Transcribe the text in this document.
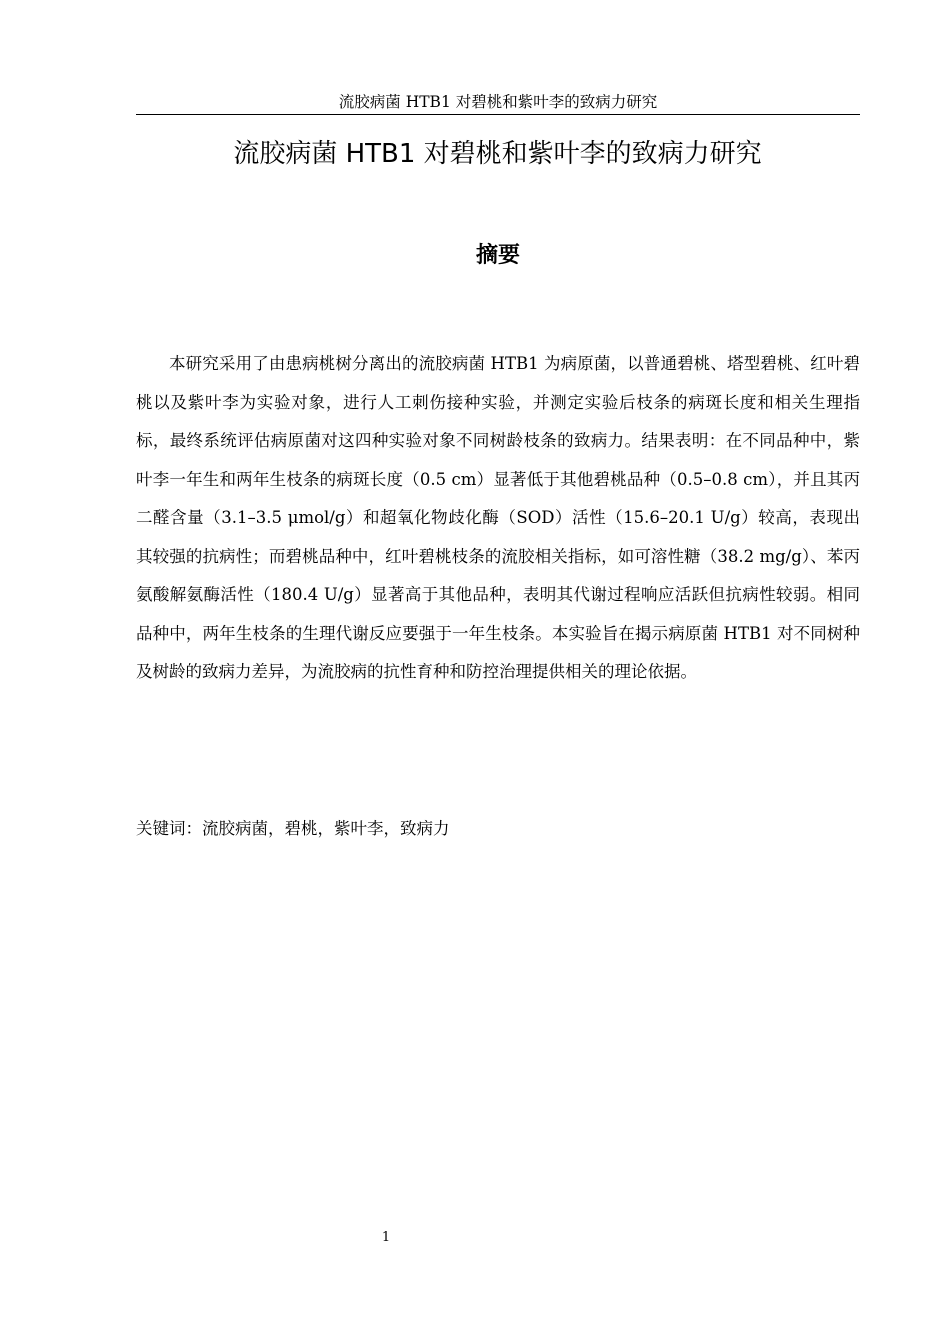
流胶病菌 HTB1 对碧桃和紫叶李的致病力研究
流胶病菌 HTB1 对碧桃和紫叶李的致病力研究
摘要

本研究采用了由患病桃树分离出的流胶病菌 HTB1 为病原菌，以普通碧桃、塔型碧桃、红叶碧桃以及紫叶李为实验对象，进行人工刺伤接种实验，并测定实验后枝条的病斑长度和相关生理指标，最终系统评估病原菌对这四种实验对象不同树龄枝条的致病力。结果表明：在不同品种中，紫叶李一年生和两年生枝条的病斑长度（0.5 cm）显著低于其他碧桃品种（0.5–0.8 cm），并且其丙二醛含量（3.1–3.5 μmol/g）和超氧化物歧化酶（SOD）活性（15.6–20.1 U/g）较高，表现出其较强的抗病性；而碧桃品种中，红叶碧桃枝条的流胶相关指标，如可溶性糖（38.2 mg/g）、苯丙氨酸解氨酶活性（180.4 U/g）显著高于其他品种，表明其代谢过程响应活跃但抗病性较弱。相同品种中，两年生枝条的生理代谢反应要强于一年生枝条。本实验旨在揭示病原菌 HTB1 对不同树种及树龄的致病力差异，为流胶病的抗性育种和防控治理提供相关的理论依据。

关键词：流胶病菌，碧桃，紫叶李，致病力
1
